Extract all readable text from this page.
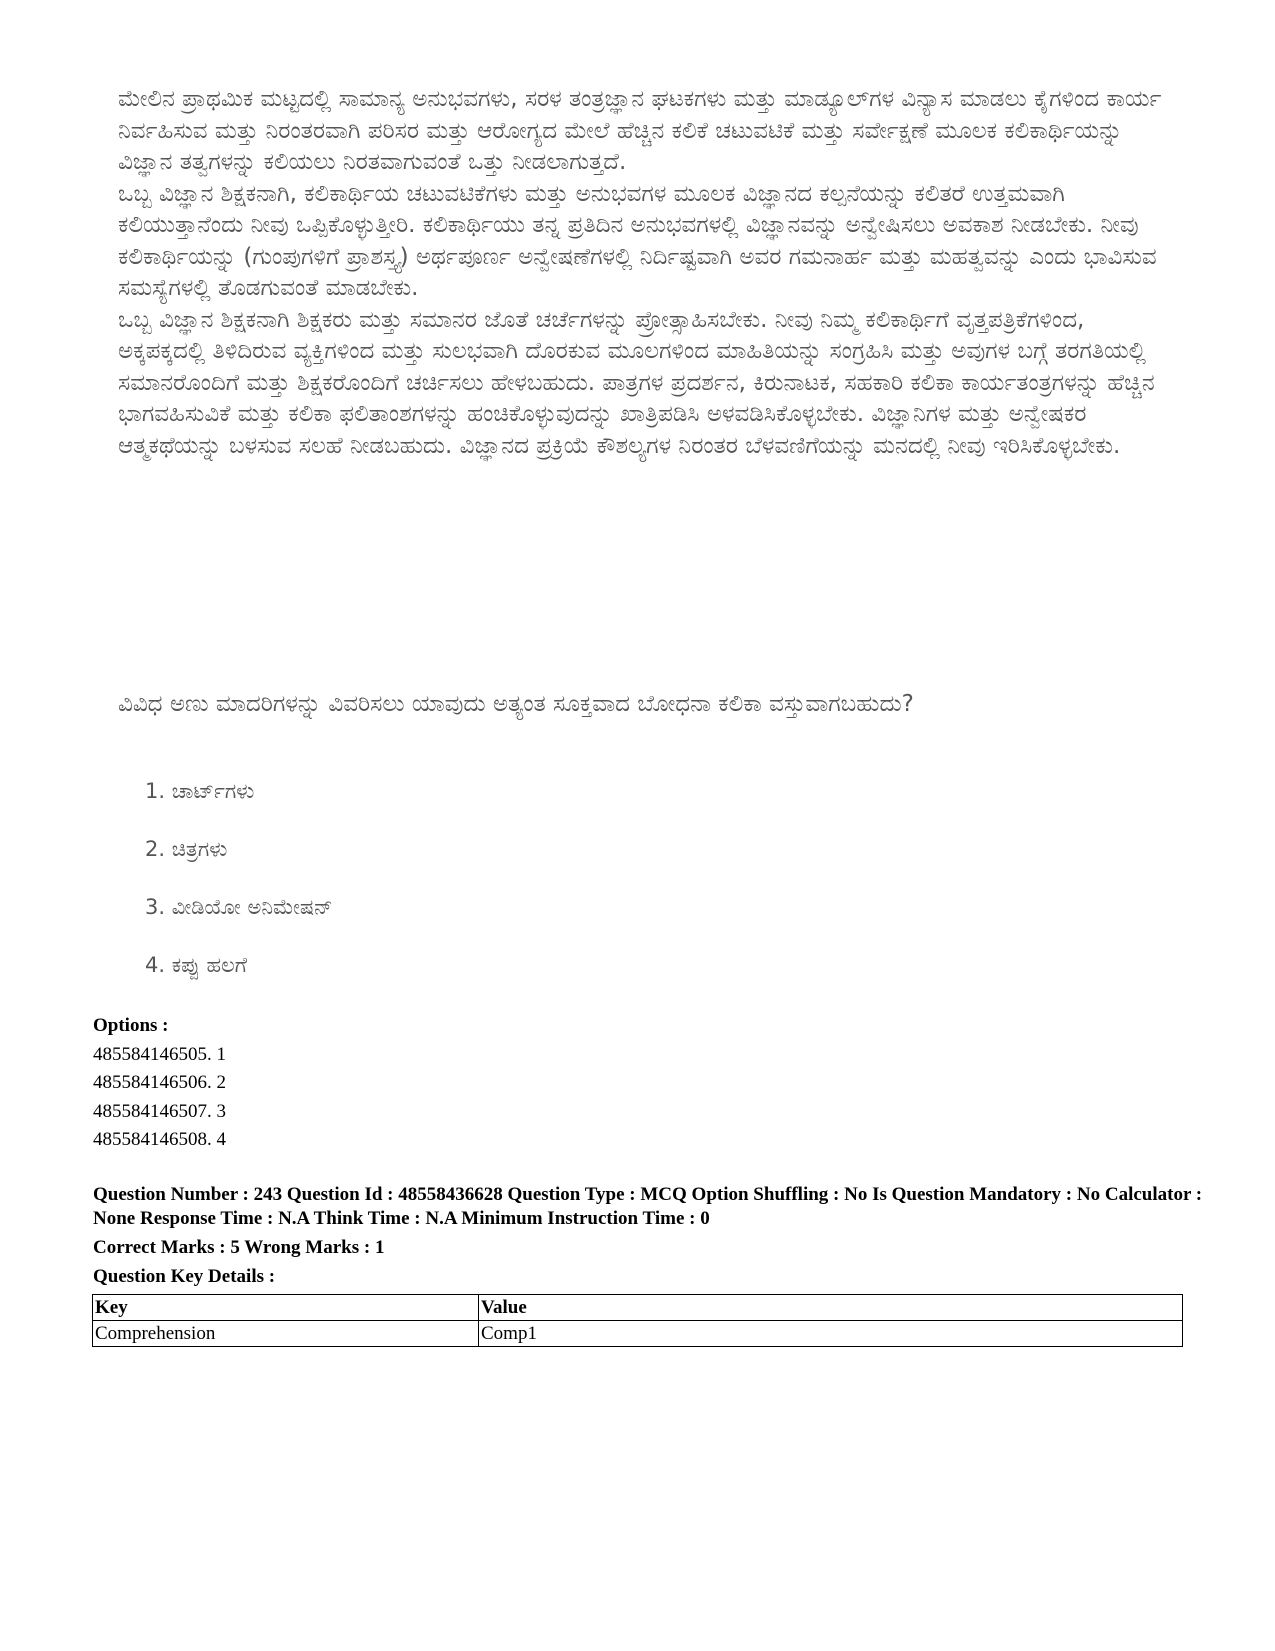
ಮೇಲಿನ ಪ್ರಾಥಮಿಕ ಮಟ್ಟದಲ್ಲಿ ಸಾಮಾನ್ಯ ಅನುಭವಗಳು, ಸರಳ ತಂತ್ರಜ್ಞಾನ ಘಟಕಗಳು ಮತ್ತು ಮಾಡ್ಯೂಲ್‌ಗಳ ವಿನ್ಯಾಸ ಮಾಡಲು ಕೈಗಳಿಂದ ಕಾರ್ಯ ನಿರ್ವಹಿಸುವ ಮತ್ತು ನಿರಂತರವಾಗಿ ಪರಿಸರ ಮತ್ತು ಆರೋಗ್ಯದ ಮೇಲೆ ಹೆಚ್ಚಿನ ಕಲಿಕೆ ಚಟುವಟಿಕೆ ಮತ್ತು ಸರ್ವೇಕ್ಷಣೆ ಮೂಲಕ ಕಲಿಕಾರ್ಥಿಯನ್ನು ವಿಜ್ಞಾನ ತತ್ವಗಳನ್ನು ಕಲಿಯಲು ನಿರತವಾಗುವಂತೆ ಒತ್ತು ನೀಡಲಾಗುತ್ತದೆ.

ಒಬ್ಬ ವಿಜ್ಞಾನ ಶಿಕ್ಷಕನಾಗಿ, ಕಲಿಕಾರ್ಥಿಯ ಚಟುವಟಿಕೆಗಳು ಮತ್ತು ಅನುಭವಗಳ ಮೂಲಕ ವಿಜ್ಞಾನದ ಕಲ್ಪನೆಯನ್ನು ಕಲಿತರೆ ಉತ್ತಮವಾಗಿ ಕಲಿಯುತ್ತಾನೆಂದು ನೀವು ಒಪ್ಪಿಕೊಳ್ಳುತ್ತೀರಿ. ಕಲಿಕಾರ್ಥಿಯು ತನ್ನ ಪ್ರತಿದಿನ ಅನುಭವಗಳಲ್ಲಿ ವಿಜ್ಞಾನವನ್ನು ಅನ್ವೇಷಿಸಲು ಅವಕಾಶ ನೀಡಬೇಕು. ನೀವು ಕಲಿಕಾರ್ಥಿಯನ್ನು (ಗುಂಪುಗಳಿಗೆ ಪ್ರಾಶಸ್ತ್ಯ) ಅರ್ಥಪೂರ್ಣ ಅನ್ವೇಷಣೆಗಳಲ್ಲಿ ನಿರ್ದಿಷ್ಟವಾಗಿ ಅವರ ಗಮನಾರ್ಹ ಮತ್ತು ಮಹತ್ವವನ್ನು ಎಂದು ಭಾವಿಸುವ ಸಮಸ್ಯೆಗಳಲ್ಲಿ ತೊಡಗುವಂತೆ ಮಾಡಬೇಕು.

ಒಬ್ಬ ವಿಜ್ಞಾನ ಶಿಕ್ಷಕನಾಗಿ ಶಿಕ್ಷಕರು ಮತ್ತು ಸಮಾನರ ಜೊತೆ ಚರ್ಚೆಗಳನ್ನು ಪ್ರೋತ್ಸಾಹಿಸಬೇಕು. ನೀವು ನಿಮ್ಮ ಕಲಿಕಾರ್ಥಿಗೆ ವೃತ್ತಪತ್ರಿಕೆಗಳಿಂದ, ಅಕ್ಕಪಕ್ಕದಲ್ಲಿ ತಿಳಿದಿರುವ ವ್ಯಕ್ತಿಗಳಿಂದ ಮತ್ತು ಸುಲಭವಾಗಿ ದೊರಕುವ ಮೂಲಗಳಿಂದ ಮಾಹಿತಿಯನ್ನು ಸಂಗ್ರಹಿಸಿ ಮತ್ತು ಅವುಗಳ ಬಗ್ಗೆ ತರಗತಿಯಲ್ಲಿ ಸಮಾನರೊಂದಿಗೆ ಮತ್ತು ಶಿಕ್ಷಕರೊಂದಿಗೆ ಚರ್ಚಿಸಲು ಹೇಳಬಹುದು. ಪಾತ್ರಗಳ ಪ್ರದರ್ಶನ, ಕಿರುನಾಟಕ, ಸಹಕಾರಿ ಕಲಿಕಾ ಕಾರ್ಯತಂತ್ರಗಳನ್ನು ಹೆಚ್ಚಿನ ಭಾಗವಹಿಸುವಿಕೆ ಮತ್ತು ಕಲಿಕಾ ಫಲಿತಾಂಶಗಳನ್ನು ಹಂಚಿಕೊಳ್ಳುವುದನ್ನು ಖಾತ್ರಿಪಡಿಸಿ ಅಳವಡಿಸಿಕೊಳ್ಳಬೇಕು. ವಿಜ್ಞಾನಿಗಳ ಮತ್ತು ಅನ್ವೇಷಕರ ಆತ್ಮಕಥೆಯನ್ನು ಬಳಸುವ ಸಲಹೆ ನೀಡಬಹುದು. ವಿಜ್ಞಾನದ ಪ್ರಕ್ರಿಯೆ ಕೌಶಲ್ಯಗಳ ನಿರಂತರ ಬೆಳವಣಿಗೆಯನ್ನು ಮನದಲ್ಲಿ ನೀವು ಇರಿಸಿಕೊಳ್ಳಬೇಕು.

ವಿವಿಧ ಅಣು ಮಾದರಿಗಳನ್ನು ವಿವರಿಸಲು ಯಾವುದು ಅತ್ಯಂತ ಸೂಕ್ತವಾದ ಬೋಧನಾ ಕಲಿಕಾ ವಸ್ತುವಾಗಬಹುದು?

1. ಚಾರ್ಟ್‌ಗಳು
2. ಚಿತ್ರಗಳು
3. ವೀಡಿಯೋ ಅನಿಮೇಷನ್
4. ಕಪ್ಪು ಹಲಗೆ
Options :
485584146505. 1
485584146506. 2
485584146507. 3
485584146508. 4

Question Number : 243 Question Id : 48558436628 Question Type : MCQ Option Shuffling : No Is Question Mandatory : No Calculator : None Response Time : N.A Think Time : N.A Minimum Instruction Time : 0

Correct Marks : 5 Wrong Marks : 1

Question Key Details :

Key	Value
Comprehension	Comp1
